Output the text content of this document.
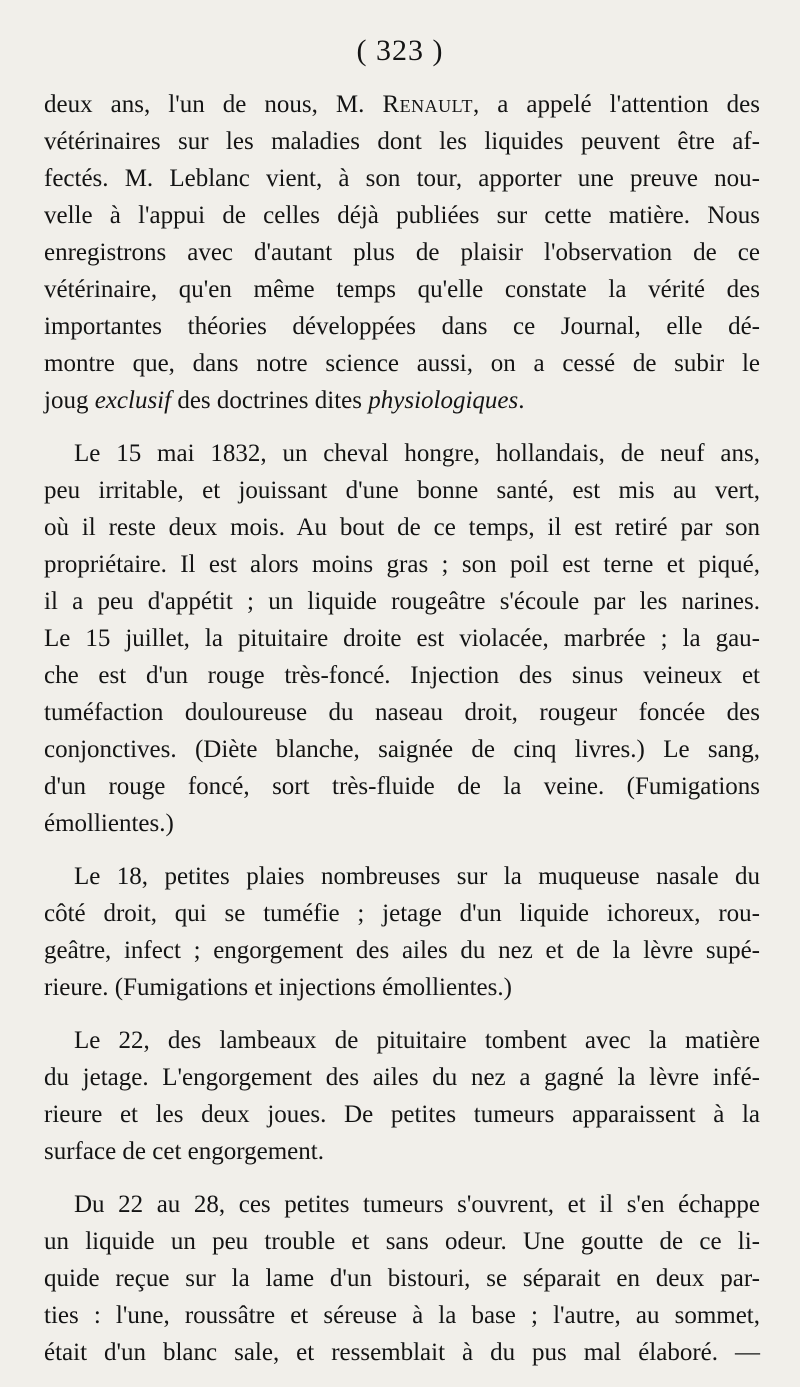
( 323 )
deux ans, l'un de nous, M. Renault, a appelé l'attention des
vétérinaires sur les maladies dont les liquides peuvent être af-
fectés. M. Leblanc vient, à son tour, apporter une preuve nou-
velle à l'appui de celles déjà publiées sur cette matière. Nous
enregistrons avec d'autant plus de plaisir l'observation de ce
vétérinaire, qu'en même temps qu'elle constate la vérité des
importantes théories développées dans ce Journal, elle dé-
montre que, dans notre science aussi, on a cessé de subir le
joug exclusif des doctrines dites physiologiques.
Le 15 mai 1832, un cheval hongre, hollandais, de neuf ans,
peu irritable, et jouissant d'une bonne santé, est mis au vert,
où il reste deux mois. Au bout de ce temps, il est retiré par son
propriétaire. Il est alors moins gras ; son poil est terne et piqué,
il a peu d'appétit ; un liquide rougeâtre s'écoule par les narines.
Le 15 juillet, la pituitaire droite est violacée, marbrée ; la gau-
che est d'un rouge très-foncé. Injection des sinus veineux et
tuméfaction douloureuse du naseau droit, rougeur foncée des
conjonctives. (Diète blanche, saignée de cinq livres.) Le sang,
d'un rouge foncé, sort très-fluide de la veine. (Fumigations
émollientes.)
Le 18, petites plaies nombreuses sur la muqueuse nasale du
côté droit, qui se tuméfie ; jetage d'un liquide ichoreux, rou-
geâtre, infect ; engorgement des ailes du nez et de la lèvre supé-
rieure. (Fumigations et injections émollientes.)
Le 22, des lambeaux de pituitaire tombent avec la matière
du jetage. L'engorgement des ailes du nez a gagné la lèvre infé-
rieure et les deux joues. De petites tumeurs apparaissent à la
surface de cet engorgement.
Du 22 au 28, ces petites tumeurs s'ouvrent, et il s'en échappe
un liquide un peu trouble et sans odeur. Une goutte de ce li-
quide reçue sur la lame d'un bistouri, se séparait en deux par-
ties : l'une, roussâtre et séreuse à la base ; l'autre, au sommet,
était d'un blanc sale, et ressemblait à du pus mal élaboré. —
